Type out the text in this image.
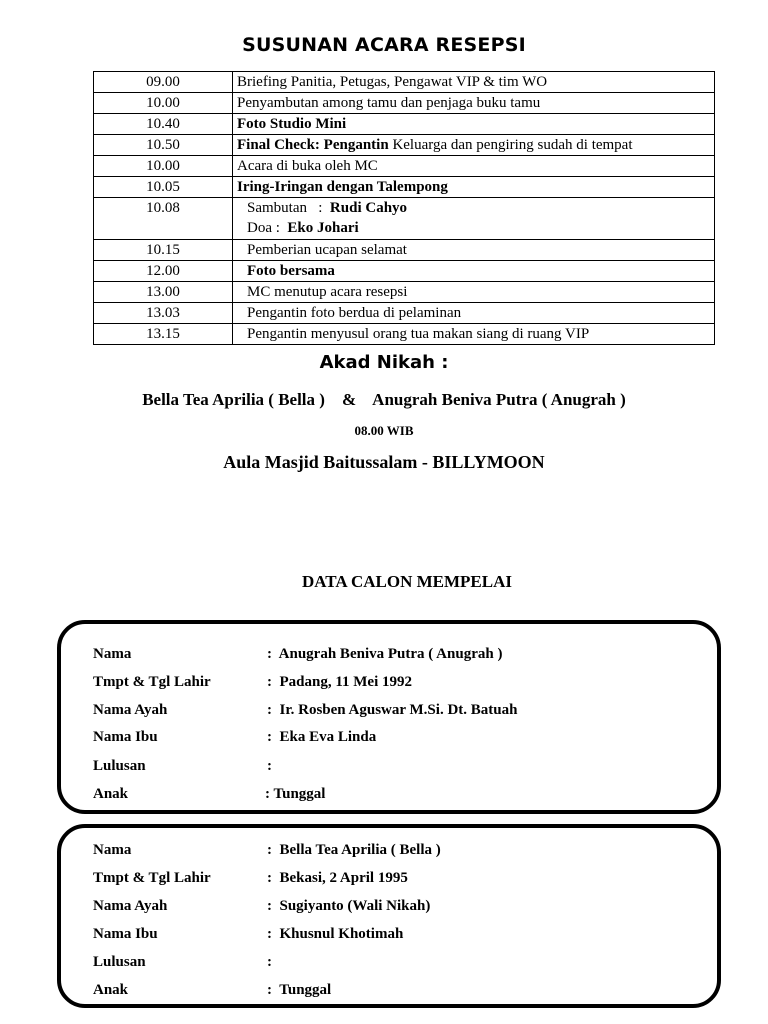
SUSUNAN ACARA RESEPSI
09.00	Briefing Panitia, Petugas, Pengawat VIP & tim WO
10.00	Penyambutan among tamu dan penjaga buku tamu
10.40	Foto Studio Mini
10.50	Final Check: Pengantin Keluarga dan pengiring sudah di tempat
10.00	Acara di buka oleh MC
10.05	Iring-Iringan dengan Talempong
10.08	Sambutan   :  Rudi Cahyo
Doa :  Eko Johari

10.15	Pemberian ucapan selamat
12.00	Foto bersama
13.00	MC menutup acara resepsi
13.03	Pengantin foto berdua di pelaminan
13.15	Pengantin menyusul orang tua makan siang di ruang VIP
Akad Nikah :
Bella Tea Aprilia ( Bella )    &    Anugrah Beniva Putra ( Anugrah )
08.00 WIB
Aula Masjid Baitussalam - BILLYMOON
DATA CALON MEMPELAI
Nama	:  Anugrah Beniva Putra ( Anugrah )
Tmpt & Tgl Lahir	:  Padang, 11 Mei 1992
Nama Ayah	:  Ir. Rosben Aguswar M.Si. Dt. Batuah
Nama Ibu	:  Eka Eva Linda
Lulusan	:
Anak	: Tunggal
Nama	:  Bella Tea Aprilia ( Bella )
Tmpt & Tgl Lahir	:  Bekasi, 2 April 1995
Nama Ayah	:  Sugiyanto (Wali Nikah)
Nama Ibu	:  Khusnul Khotimah
Lulusan	:
Anak	:  Tunggal
